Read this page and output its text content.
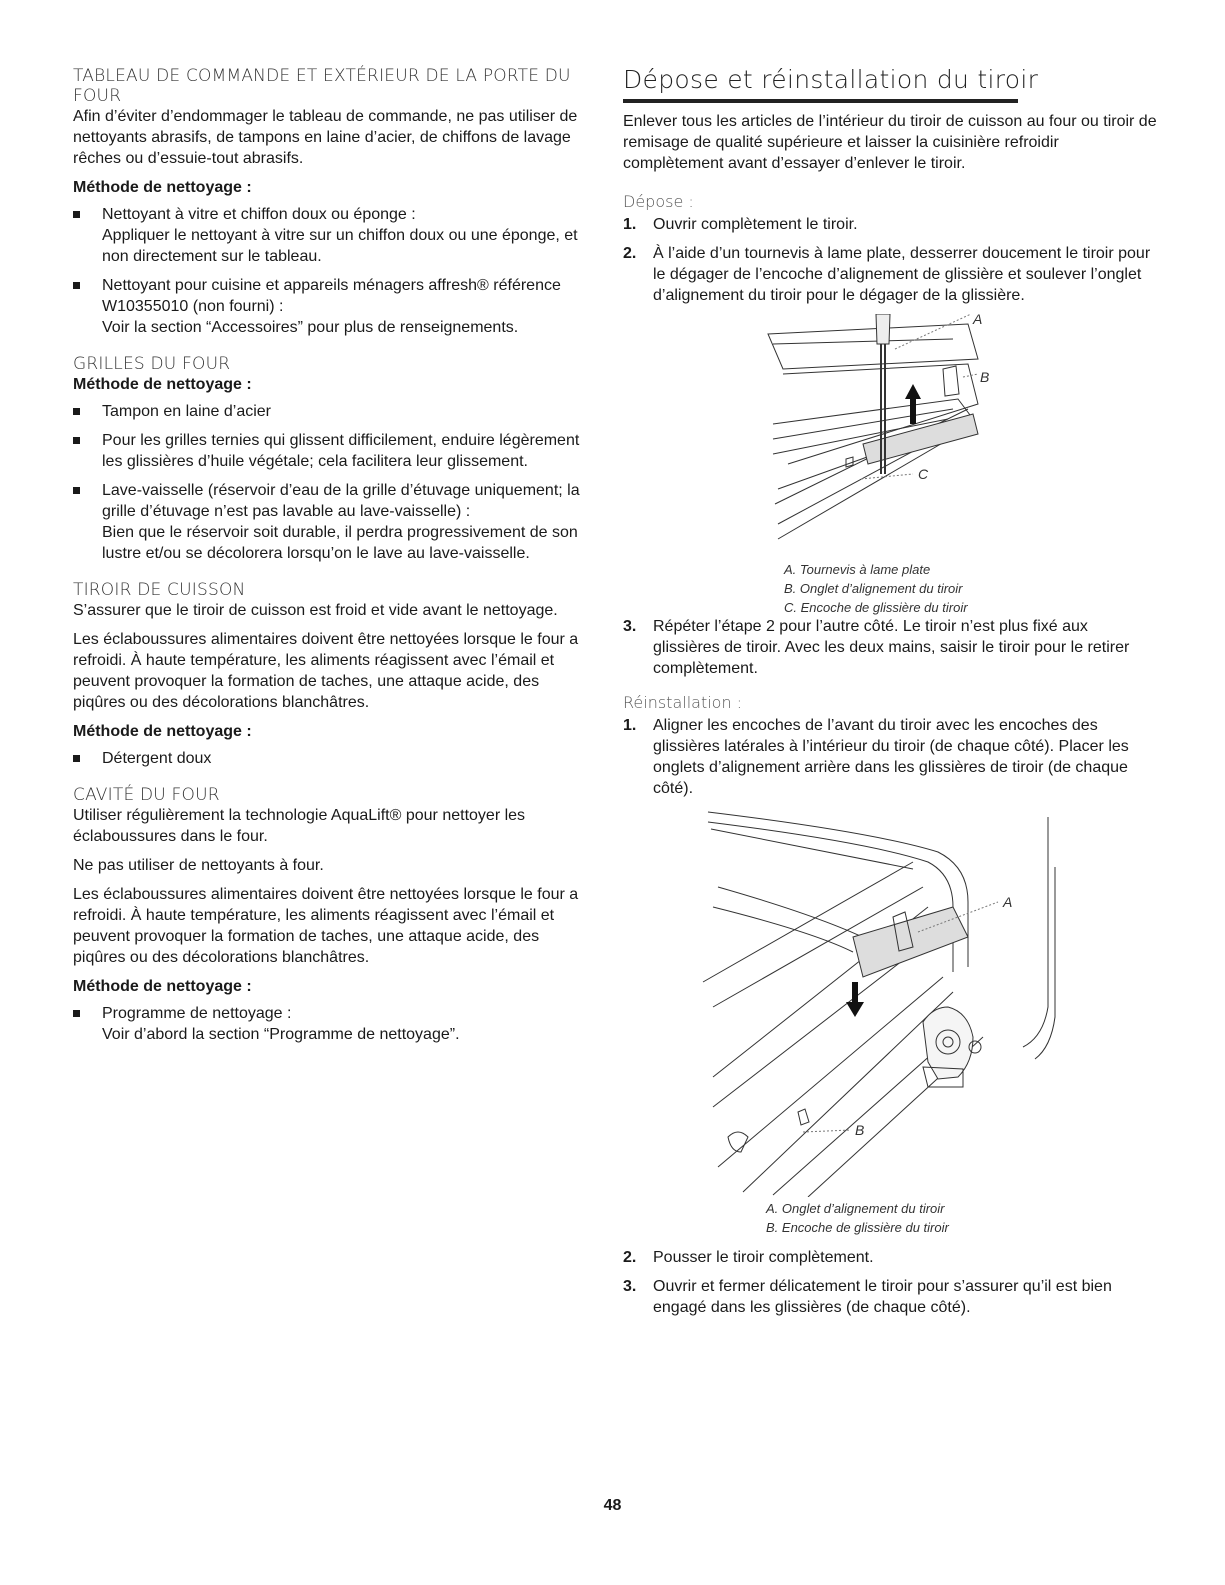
TABLEAU DE COMMANDE ET EXTÉRIEUR DE LA PORTE DU FOUR

Afin d’éviter d’endommager le tableau de commande, ne pas utiliser de nettoyants abrasifs, de tampons en laine d’acier, de chiffons de lavage rêches ou d’essuie-tout abrasifs.

Méthode de nettoyage :

Nettoyant à vitre et chiffon doux ou éponge :
Appliquer le nettoyant à vitre sur un chiffon doux ou une éponge, et non directement sur le tableau.
Nettoyant pour cuisine et appareils ménagers affresh® référence W10355010 (non fourni) :
Voir la section “Accessoires” pour plus de renseignements.
GRILLES DU FOUR

Méthode de nettoyage :

Tampon en laine d’acier
Pour les grilles ternies qui glissent difficilement, enduire légèrement les glissières d’huile végétale; cela facilitera leur glissement.
Lave-vaisselle (réservoir d’eau de la grille d’étuvage uniquement; la grille d’étuvage n’est pas lavable au lave-vaisselle) :
Bien que le réservoir soit durable, il perdra progressivement de son lustre et/ou se décolorera lorsqu’on le lave au lave-vaisselle.
TIROIR DE CUISSON

S’assurer que le tiroir de cuisson est froid et vide avant le nettoyage.

Les éclaboussures alimentaires doivent être nettoyées lorsque le four a refroidi. À haute température, les aliments réagissent avec l’émail et peuvent provoquer la formation de taches, une attaque acide, des piqûres ou des décolorations blanchâtres.

Méthode de nettoyage :

Détergent doux
CAVITÉ DU FOUR

Utiliser régulièrement la technologie AquaLift® pour nettoyer les éclaboussures dans le four.

Ne pas utiliser de nettoyants à four.

Les éclaboussures alimentaires doivent être nettoyées lorsque le four a refroidi. À haute température, les aliments réagissent avec l’émail et peuvent provoquer la formation de taches, une attaque acide, des piqûres ou des décolorations blanchâtres.

Méthode de nettoyage :

Programme de nettoyage :
Voir d’abord la section “Programme de nettoyage”.
Dépose et réinstallation du tiroir

Enlever tous les articles de l’intérieur du tiroir de cuisson au four ou tiroir de remisage de qualité supérieure et laisser la cuisinière refroidir complètement avant d’essayer d’enlever le tiroir.

Dépose :
1. Ouvrir complètement le tiroir.
2. À l’aide d’un tournevis à lame plate, desserrer doucement le tiroir pour le dégager de l’encoche d’alignement de glissière et soulever l’onglet d’alignement du tiroir pour le dégager de la glissière.
A
B
C
A. Tournevis à lame plate
B. Onglet d’alignement du tiroir
C. Encoche de glissière du tiroir
3. Répéter l’étape 2 pour l’autre côté. Le tiroir n’est plus fixé aux glissières de tiroir. Avec les deux mains, saisir le tiroir pour le retirer complètement.
Réinstallation :
1. Aligner les encoches de l’avant du tiroir avec les encoches des glissières latérales à l’intérieur du tiroir (de chaque côté). Placer les onglets d’alignement arrière dans les glissières de tiroir (de chaque côté).
A
B
A. Onglet d’alignement du tiroir
B. Encoche de glissière du tiroir
2. Pousser le tiroir complètement.
3. Ouvrir et fermer délicatement le tiroir pour s’assurer qu’il est bien engagé dans les glissières (de chaque côté).
48
